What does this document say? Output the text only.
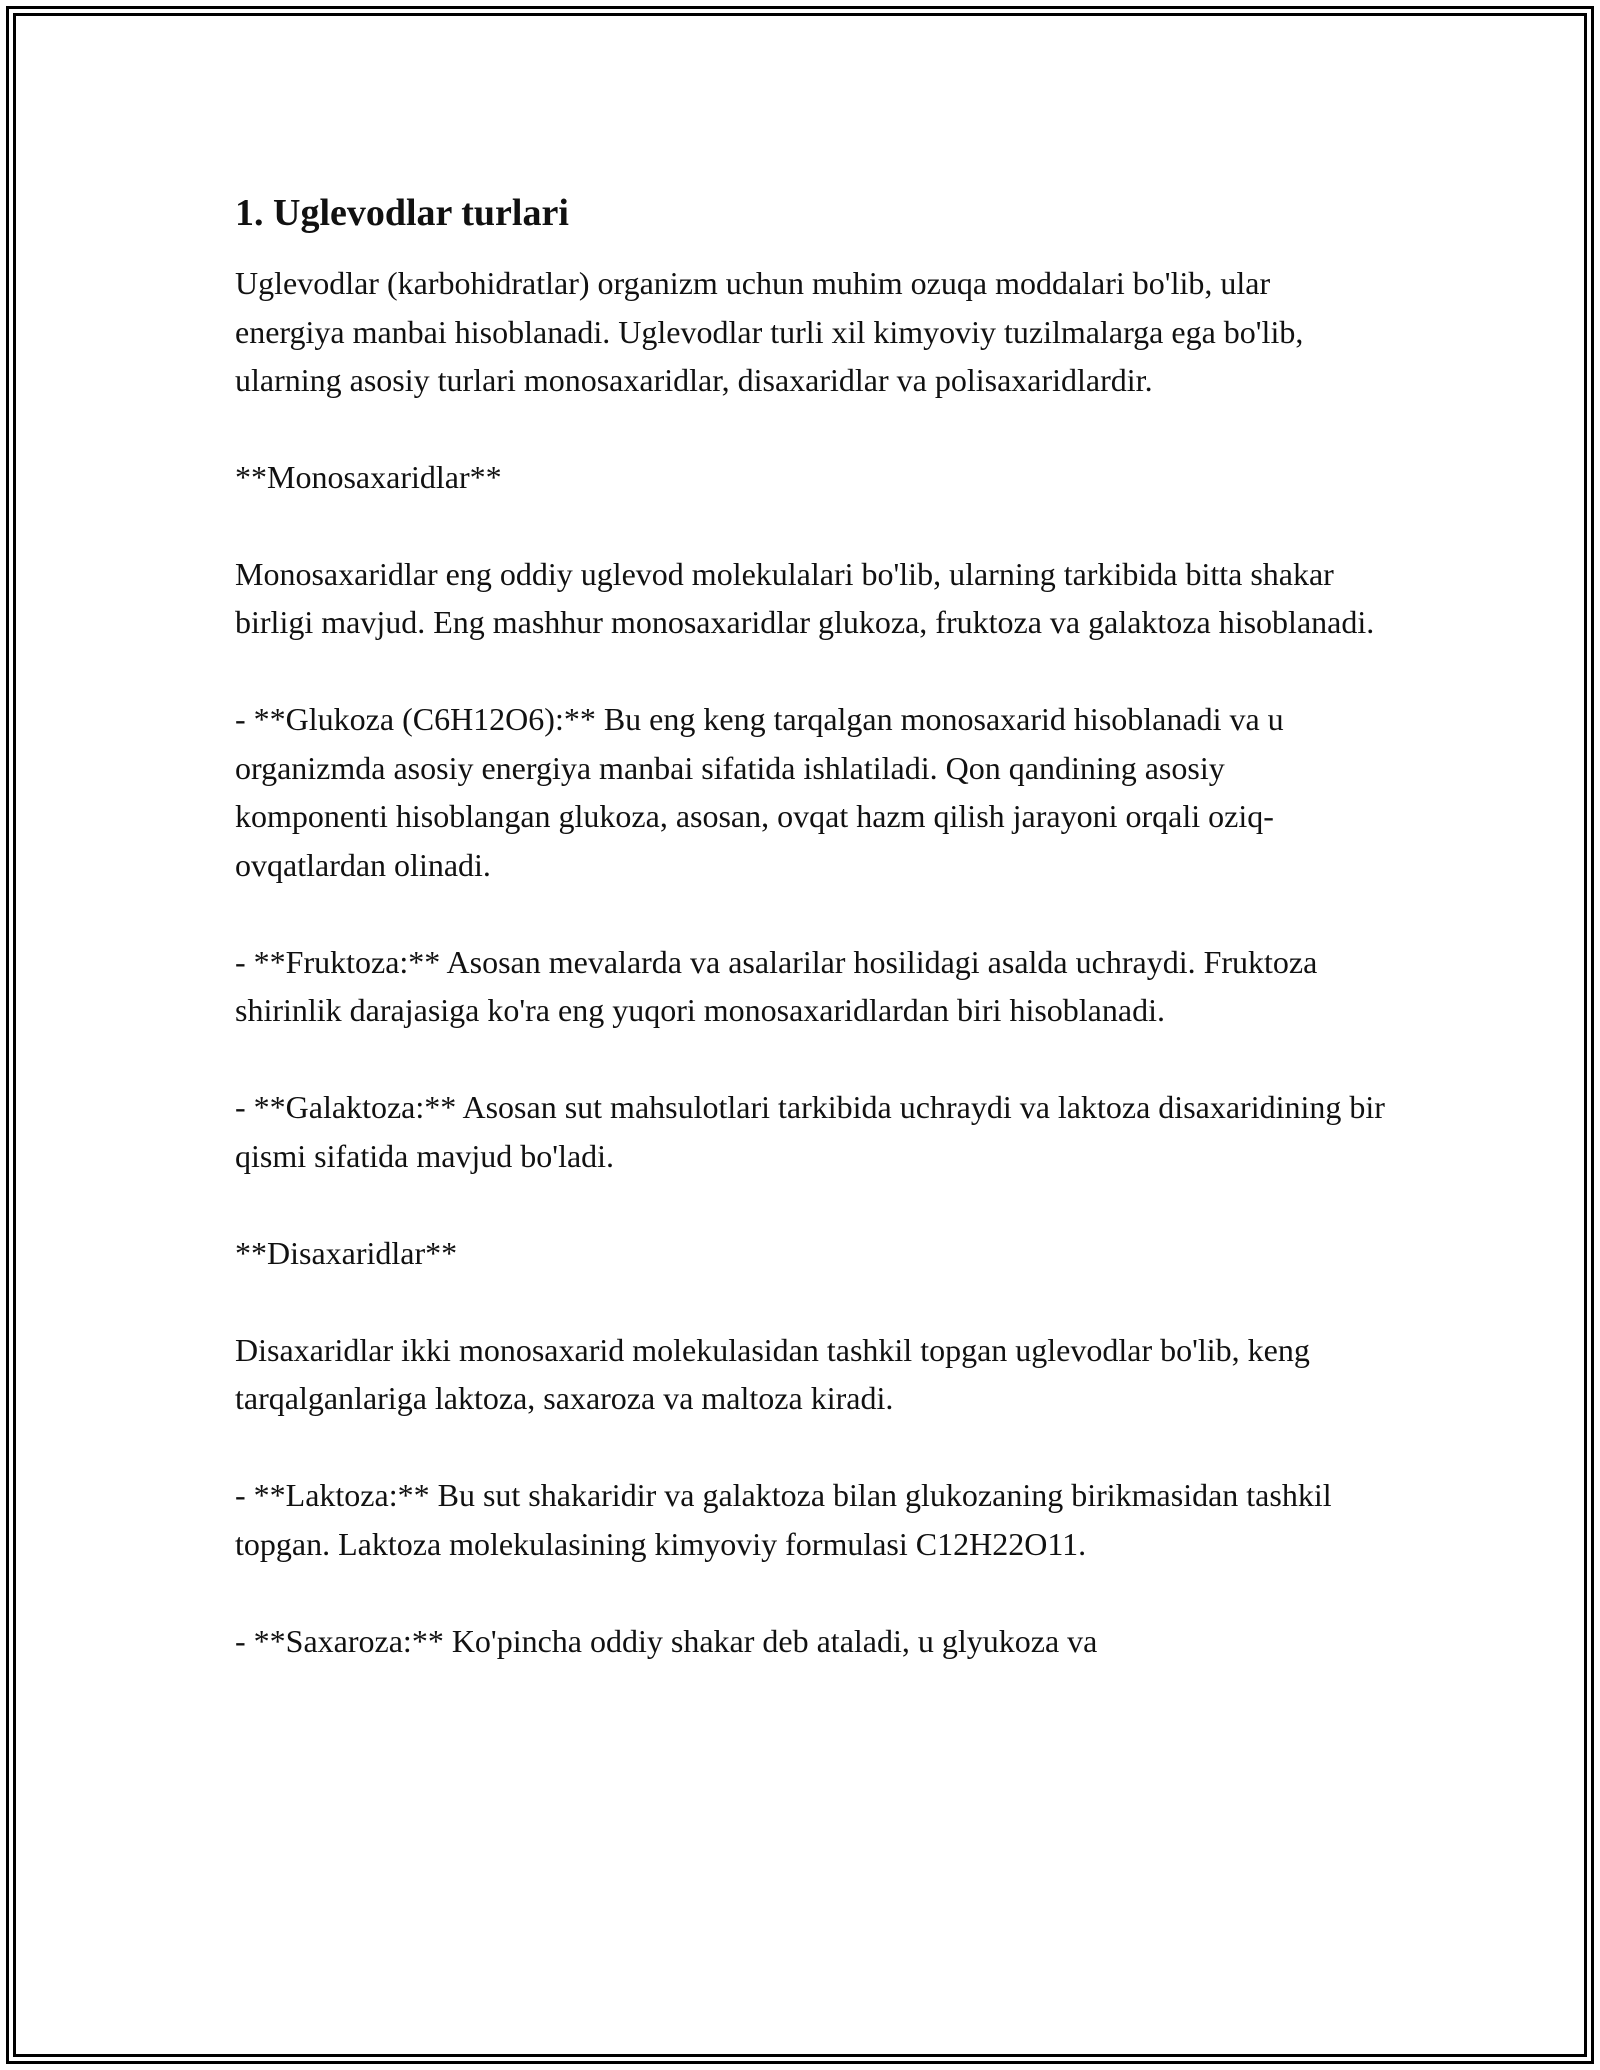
1. Uglevodlar turlari

Uglevodlar (karbohidratlar) organizm uchun muhim ozuqa moddalari bo'lib, ular energiya manbai hisoblanadi. Uglevodlar turli xil kimyoviy tuzilmalarga ega bo'lib, ularning asosiy turlari monosaxaridlar, disaxaridlar va polisaxaridlardir.

**Monosaxaridlar**

Monosaxaridlar eng oddiy uglevod molekulalari bo'lib, ularning tarkibida bitta shakar birligi mavjud. Eng mashhur monosaxaridlar glukoza, fruktoza va galaktoza hisoblanadi.

- **Glukoza (C6H12O6):** Bu eng keng tarqalgan monosaxarid hisoblanadi va u organizmda asosiy energiya manbai sifatida ishlatiladi. Qon qandining asosiy komponenti hisoblangan glukoza, asosan, ovqat hazm qilish jarayoni orqali oziq-ovqatlardan olinadi.

- **Fruktoza:** Asosan mevalarda va asalarilar hosilidagi asalda uchraydi. Fruktoza shirinlik darajasiga ko'ra eng yuqori monosaxaridlardan biri hisoblanadi.

- **Galaktoza:** Asosan sut mahsulotlari tarkibida uchraydi va laktoza disaxaridining bir qismi sifatida mavjud bo'ladi.

**Disaxaridlar**

Disaxaridlar ikki monosaxarid molekulasidan tashkil topgan uglevodlar bo'lib, keng tarqalganlariga laktoza, saxaroza va maltoza kiradi.

- **Laktoza:** Bu sut shakaridir va galaktoza bilan glukozaning birikmasidan tashkil topgan. Laktoza molekulasining kimyoviy formulasi C12H22O11.

- **Saxaroza:** Ko'pincha oddiy shakar deb ataladi, u glyukoza va
